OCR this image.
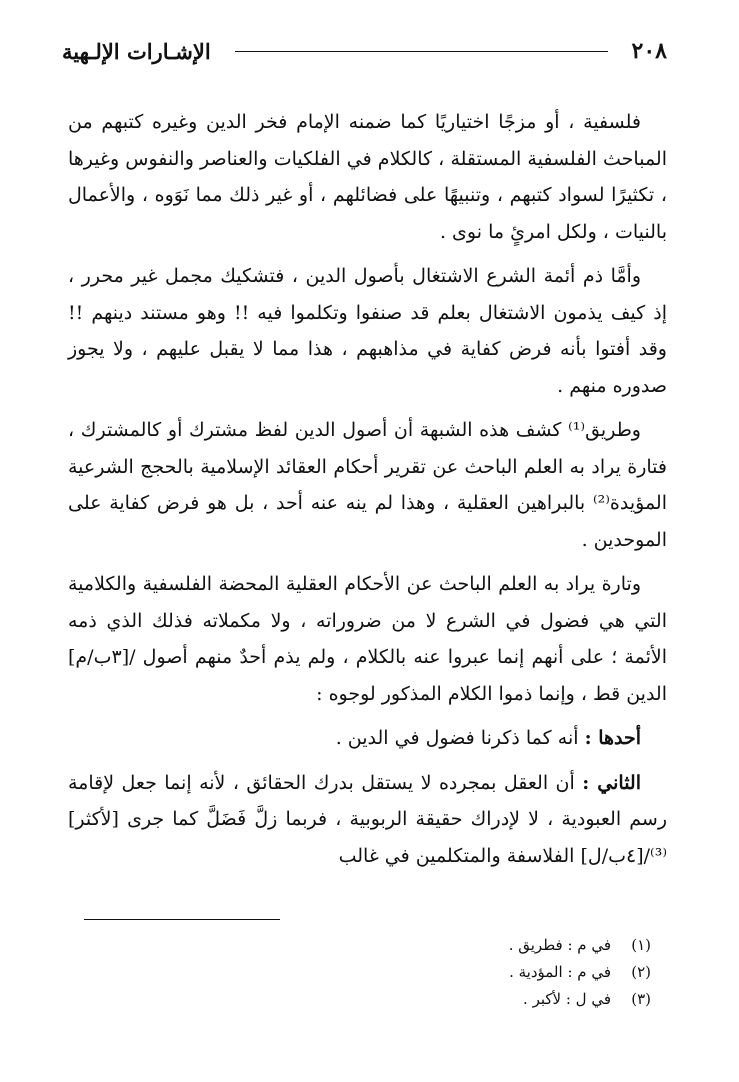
٢٠٨
الإشـارات الإلـهية

فلسفية ، أو مزجًا اختياريًا كما ضمنه الإمام فخر الدين وغيره كتبهم من المباحث الفلسفية المستقلة ، كالكلام في الفلكيات والعناصر والنفوس وغيرها ، تكثيرًا لسواد كتبهم ، وتنبيهًا على فضائلهم ، أو غير ذلك مما نَوَوه ، والأعمال بالنيات ، ولكل امرئٍ ما نوى .

وأمَّا ذم أئمة الشرع الاشتغال بأصول الدين ، فتشكيك مجمل غير محرر ، إذ كيف يذمون الاشتغال بعلم قد صنفوا وتكلموا فيه !! وهو مستند دينهم !! وقد أفتوا بأنه فرض كفاية في مذاهبهم ، هذا مما لا يقبل عليهم ، ولا يجوز صدوره منهم .

وطريق⁽¹⁾ كشف هذه الشبهة أن أصول الدين لفظ مشترك أو كالمشترك ، فتارة يراد به العلم الباحث عن تقرير أحكام العقائد الإسلامية بالحجج الشرعية المؤيدة⁽²⁾ بالبراهين العقلية ، وهذا لم ينه عنه أحد ، بل هو فرض كفاية على الموحدين .

وتارة يراد به العلم الباحث عن الأحكام العقلية المحضة الفلسفية والكلامية التي هي فضول في الشرع لا من ضروراته ، ولا مكملاته فذلك الذي ذمه الأئمة ؛ على أنهم إنما عبروا عنه بالكلام ، ولم يذم أحدٌ منهم أصول /[٣ب/م] الدين قط ، وإنما ذموا الكلام المذكور لوجوه :

أحدها : أنه كما ذكرنا فضول في الدين .

الثاني : أن العقل بمجرده لا يستقل بدرك الحقائق ، لأنه إنما جعل لإقامة رسم العبودية ، لا لإدراك حقيقة الربوبية ، فربما زلَّ فَضَلَّ كما جرى [لأكثر]⁽³⁾/[٤ب/ل] الفلاسفة والمتكلمين في غالب

(١)
في م : فطريق .
(٢)
في م : المؤدية .
(٣)
في ل : لأكبر .
